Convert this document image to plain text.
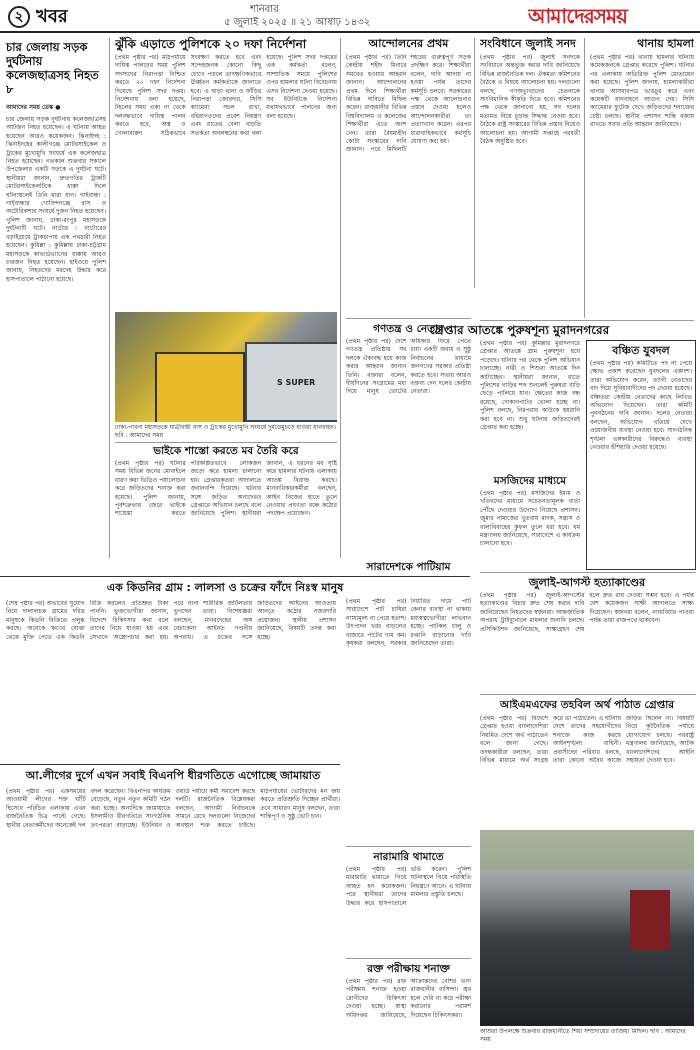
২ খবর	শনিবার
৫ জুলাই ২০২৫ ॥ ২১ আষাঢ় ১৪৩২	আমাদেরসময়
চার জেলায় সড়ক দুর্ঘটনায় কলেজছাত্রসহ নিহত ৮
আমাদের সময় ডেস্ক ●
চার জেলায় সড়ক দুর্ঘটনায় কলেজছাত্রসহ আটজন নিহত হয়েছেন। এ ঘটনায় আহত হয়েছেন আরও কয়েকজন। ঝিনাইদহ : ঝিনাইদহের কালীগঞ্জে মোটরসাইকেল ও ট্রাকের মুখোমুখি সংঘর্ষে এক কলেজছাত্র নিহত হয়েছেন। গতকাল শুক্রবার সকালে উপজেলার একটি সড়কে এ দুর্ঘটনা ঘটে। স্থানীয়রা জানান, দ্রুতগতির ট্রাকটি মোটরসাইকেলটিকে ধাক্কা দিলে ঘটনাস্থলেই তিনি মারা যান। গাইবান্ধা : গাইবান্ধার গোবিন্দগঞ্জে বাস ও অটোরিকশার সংঘর্ষে দুজন নিহত হয়েছেন। পুলিশ জানায়, ঢাকা-রংপুর মহাসড়কে দুর্ঘটনাটি ঘটে। নাটোর : নাটোরের বড়াইগ্রামে ট্রাকচাপায় এক পথচারী নিহত হয়েছেন। কুমিল্লা : কুমিল্লায় ঢাকা-চট্টগ্রাম মহাসড়কে কাভার্ডভ্যানের ধাক্কায় আরও চারজন নিহত হয়েছেন। হাইওয়ে পুলিশ জানায়, নিহতদের মরদেহ উদ্ধার করে হাসপাতালে পাঠানো হয়েছে।
ঝুঁকি এড়াতে পুলিশকে ২০ দফা নির্দেশনা
(প্রথম পৃষ্ঠার পর) মাঠপর্যায়ে দায়িত্ব পালনের সময় পুলিশ সদস্যদের নিরাপত্তা নিশ্চিত করতে ২০ দফা নির্দেশনা দিয়েছে পুলিশ সদর দপ্তর। নির্দেশনায় বলা হয়েছে, টহলের সময় একা না থেকে দলবদ্ধভাবে দায়িত্ব পালন করতে হবে, অস্ত্র ও গোলাবারুদ সঠিকভাবে সংরক্ষণ করতে হবে এবং সন্দেহজনক কোনো কিছু চোখে পড়লে তাৎক্ষণিকভাবে ঊর্ধ্বতন কর্মকর্তাকে জানাতে হবে। এ ছাড়া থানা ও ফাঁড়ির নিরাপত্তা জোরদার, সিসি ক্যামেরা সচল রাখা, বহিরাগতদের প্রবেশ নিয়ন্ত্রণ এবং রাতের বেলা বাড়তি সতর্কতা অবলম্বনের কথা বলা হয়েছে। পুলিশ সদর দপ্তরের এক কর্মকর্তা বলেন, সাম্প্রতিক সময়ে পুলিশের ওপর হামলার ঘটনা বিবেচনায় এসব নির্দেশনা দেওয়া হয়েছে। সব ইউনিটকে নির্দেশনা যথাযথভাবে পালনের জন্য বলা হয়েছে।
S SUPER
ঢাকা-পাবনা মহাসড়কে যাত্রীবাহী বাস ও ট্রাকের মুখোমুখি সংঘর্ষে দুমড়েমুচড়ে যাওয়া যানবাহন। ছবি : আমাদের সময়
ভাইকে শাস্তো করতে মব তৈরি করে
(প্রথম পৃষ্ঠার পর) ঘটনার সময় বিভিন্ন জনের মোবাইলে ধারণ করা ভিডিও পর্যালোচনা করে জড়িতদের শনাক্ত করা হয়েছে। পুলিশ জানায়, পূর্বশত্রুতার জেরে ভাইকে শায়েস্তা করতে পরিকল্পিতভাবে লোকজন জড়ো করে হামলা চালানো হয়। গ্রেপ্তারকৃতরা আদালতে জবানবন্দি দিয়েছে। ঘটনার সঙ্গে জড়িত অন্যদেরও গ্রেপ্তারে অভিযান চলছে বলে জানিয়েছে পুলিশ। স্থানীয়রা জানান, এ ধরনের মব সৃষ্টি করে হামলার ঘটনায় এলাকায় আতঙ্ক বিরাজ করছে। মানবাধিকারকর্মীরা বলছেন, আইন নিজের হাতে তুলে নেওয়ার প্রবণতা বন্ধে কঠোর পদক্ষেপ প্রয়োজন।
আন্দোলনের প্রথম
(প্রথম পৃষ্ঠার পর) তিনি কেন্দ্রীয় শহীদ মিনারে সমবেত হওয়ার আহ্বান জানান। আন্দোলনের প্রথম দিনে শিক্ষার্থীরা বিভিন্ন দাবিতে মিছিল করেন। রাজধানীর বিভিন্ন বিশ্ববিদ্যালয় ও কলেজের শিক্ষার্থীরা এতে অংশ নেন। তারা বৈষম্যহীন কোটা সংস্কারের দাবি জানান। পরে মিছিলটি শহরের গুরুত্বপূর্ণ সড়ক প্রদক্ষিণ করে। শিক্ষার্থীরা বলেন, দাবি আদায় না হওয়া পর্যন্ত তাদের কর্মসূচি চলবে। সরকারের পক্ষ থেকে আলোচনার প্রস্তাব দেওয়া হলেও আন্দোলনকারীরা তা প্রত্যাখ্যান করেন। এরপর ধারাবাহিকভাবে কর্মসূচি ঘোষণা করা হয়।
গণতন্ত্র ও নেতার
(প্রথম পৃষ্ঠার পর) দেশে গণতন্ত্র প্রতিষ্ঠায় সব দলকে ঐক্যবদ্ধ হয়ে কাজ করার আহ্বান জানান তিনি। বক্তারা বলেন, দীর্ঘদিনের সংগ্রামের মধ্য দিয়ে মানুষ ভোটের অধিকার ফিরে পেতে চায়। একটি অবাধ ও সুষ্ঠু নির্বাচনের মাধ্যমে জনগণের সরকার প্রতিষ্ঠা করতে হবে। সভায় আরও বক্তব্য দেন দলের কেন্দ্রীয় নেতারা।
সংবিধানে জুলাই সনদ
(প্রথম পৃষ্ঠার পর) জুলাই সনদকে সংবিধানে অন্তর্ভুক্ত করার দাবি জানিয়েছে বিভিন্ন রাজনৈতিক দল। ঐকমত্য কমিশনের বৈঠকে এ বিষয়ে আলোচনা হয়। দলগুলো বলছে, গণঅভ্যুত্থানের চেতনাকে সাংবিধানিক স্বীকৃতি দিতে হবে। কমিশনের পক্ষ থেকে জানানো হয়, সব দলের মতামত নিয়ে চূড়ান্ত সিদ্ধান্ত নেওয়া হবে। বৈঠকে রাষ্ট্র সংস্কারের বিভিন্ন প্রস্তাব নিয়েও আলোচনা হয়। আগামী সপ্তাহে পরবর্তী বৈঠক অনুষ্ঠিত হবে।
থানায় হামলা
(প্রথম পৃষ্ঠার পর) থানায় হামলার ঘটনায় কয়েকজনকে গ্রেপ্তার করেছে পুলিশ। ঘটনার পর এলাকায় অতিরিক্ত পুলিশ মোতায়েন করা হয়েছে। পুলিশ জানায়, হামলাকারীরা থানার আসবাবপত্র ভাঙচুর করে এবং কয়েকটি যানবাহনে আগুন দেয়। সিসি ক্যামেরার ফুটেজ দেখে জড়িতদের শনাক্তের চেষ্টা চলছে। স্থানীয় প্রশাসন শান্তি বজায় রাখতে সবার প্রতি আহ্বান জানিয়েছে।
গ্রেপ্তার আতঙ্কে পুরুষশূন্য মুরাদনগরের
(প্রথম পৃষ্ঠার পর) কুমিল্লার মুরাদনগরে গ্রেপ্তার আতঙ্কে গ্রাম পুরুষশূন্য হয়ে পড়েছে। ঘটনার পর থেকে পুলিশ অভিযান চালাচ্ছে। নারী ও শিশুরা আতঙ্কে দিন কাটাচ্ছেন। স্থানীয়রা জানান, রাতে পুলিশের গাড়ির শব্দ শুনলেই পুরুষরা বাড়ি ছেড়ে পালিয়ে যান। ক্ষেতের কাজ বন্ধ রয়েছে, দোকানপাটও খোলা হচ্ছে না। পুলিশ বলছে, নিরপরাধ কাউকে হয়রানি করা হবে না। শুধু ঘটনায় জড়িতদেরই গ্রেপ্তার করা হচ্ছে।
বঞ্চিত যুবদল
(প্রথম পৃষ্ঠার পর) কমিটিতে পদ না পেয়ে ক্ষোভ প্রকাশ করেছেন যুবদলের একাংশ। তারা অভিযোগ করেন, ত্যাগী নেতাদের বাদ দিয়ে সুবিধাবাদীদের পদ দেওয়া হয়েছে। বঞ্চিতরা কেন্দ্রীয় নেতাদের কাছে লিখিত অভিযোগ দিয়েছেন। তারা কমিটি পুনর্গঠনের দাবি জানান। দলের নেতারা বলছেন, অভিযোগ খতিয়ে দেখে প্রয়োজনীয় ব্যবস্থা নেওয়া হবে। সাংগঠনিক শৃঙ্খলা ভঙ্গকারীদের বিরুদ্ধেও ব্যবস্থা নেওয়ার হুঁশিয়ারি দেওয়া হয়েছে।
মসজিদের মাধ্যমে
(প্রথম পৃষ্ঠার পর) মসজিদের ইমাম ও খতিবদের মাধ্যমে সচেতনতামূলক বার্তা পৌঁছে দেওয়ার উদ্যোগ নিয়েছে প্রশাসন। জুমার নামাজের খুতবায় মাদক, সন্ত্রাস ও বাল্যবিবাহের কুফল তুলে ধরা হবে। ধর্ম মন্ত্রণালয় জানিয়েছে, সারাদেশে এ কার্যক্রম চালানো হবে।
এক কিডনির গ্রাম : লালসা ও চক্রের ফাঁদে নিঃস্ব মানুষ
(শেষ পৃষ্ঠার পর) অভাবের সুযোগ নিয়ে দালালচক্র গ্রামের দরিদ্র মানুষকে কিডনি বিক্রিতে প্রলুব্ধ করছে। অনেকে ঋণের বোঝা থেকে মুক্তি পেতে এক কিডনি বিক্রি করলেও প্রতিশ্রুত টাকা পাননি। ভুক্তভোগীরা জানান, বিদেশে চিকিৎসার কথা বলে তাদের নিয়ে যাওয়া হয় এবং সেখানে অস্ত্রোপচার করা হয়। পরে নানা শারীরিক জটিলতায় ভুগছেন তারা। বিশেষজ্ঞরা বলছেন, মানবদেহের অঙ্গ বেচাকেনা আইনত দণ্ডনীয় অপরাধ। এ চক্রের সঙ্গে জড়িতদের আইনের আওতায় আনতে কঠোর নজরদারি প্রয়োজন। স্থানীয় প্রশাসন জানিয়েছে, বিষয়টি তদন্ত করা হচ্ছে।
সারাদেশকে পাটিয়াম
(প্রথম পৃষ্ঠার পর) সারাদেশে পাট চাষিরা ন্যায্যমূল্য না পেয়ে হতাশ। উৎপাদন খরচ বাড়লেও বাজারে পাটের দাম কম। কৃষকরা বলছেন, সরকার নির্ধারিত দামে পাট কেনার ব্যবস্থা না থাকায় মধ্যস্বত্বভোগীরা লাভবান হচ্ছে। পাটকল চালু ও রপ্তানি বাড়ানোর দাবি জানিয়েছেন তারা।
জুলাই-আগস্ট হত্যাকাণ্ডের
(প্রথম পৃষ্ঠার পর) জুলাই-আগস্টের হত্যাকাণ্ডের বিচার দ্রুত শেষ করার দাবি জানিয়েছেন নিহতদের স্বজনরা। আন্তর্জাতিক অপরাধ ট্রাইব্যুনালে মামলার শুনানি চলছে। প্রসিকিউশন জানিয়েছে, সাক্ষ্যগ্রহণ শেষ হলে দ্রুত রায় দেওয়া সম্ভব হবে। এ পর্যন্ত বেশ কয়েকজন সাক্ষী আদালতে সাক্ষ্য দিয়েছেন। স্বজনরা বলেন, ন্যায়বিচার পাওয়া পর্যন্ত তারা রাজপথে থাকবেন।
আইএমএফের তহবিল অর্থ পাঠাত গ্রেপ্তার
(প্রথম পৃষ্ঠার পর) বিদেশে গ্রেপ্তার হওয়া বাংলাদেশিরা নিয়মিত দেশে অর্থ পাঠাতেন বলে জানা গেছে। তদন্তকারীরা বলছেন, তারা বিভিন্ন মাধ্যমে অর্থ সংগ্রহ করে তা পাঠাতেন। এ ঘটনায় দেশে তাদের সহযোগীদের শনাক্তে কাজ করছে আইনশৃঙ্খলা বাহিনী। প্রবাসীদের পরিবার বলছে, তারা কোনো অবৈধ কাজে জড়িত ছিলেন না। বিষয়টি নিয়ে কূটনৈতিক পর্যায়ে যোগাযোগ চলছে। পররাষ্ট্র মন্ত্রণালয় জানিয়েছে, আটক বাংলাদেশিদের আইনি সহায়তা দেওয়া হবে।
আ.লীগের দুর্গে এখন সবাই বিএনপি ধীরগতিতে এগোচ্ছে জামায়াত
(প্রথম পৃষ্ঠার পর) একসময়ের আওয়ামী লীগের শক্ত ঘাঁটি হিসেবে পরিচিত এলাকায় এখন রাজনৈতিক চিত্র পাল্টে গেছে। স্থানীয় নেতাকর্মীদের অনেকেই দল বদল করেছেন। বিএনপির কার্যক্রম বেড়েছে, নতুন নতুন কমিটি গঠন করা হচ্ছে। অন্যদিকে জামায়াতে ইসলামীও ধীরগতিতে সাংগঠনিক তৎপরতা বাড়াচ্ছে। ইউনিয়ন ও ওয়ার্ড পর্যায়ে কর্মী সমাবেশ করছে দলটি। রাজনৈতিক বিশ্লেষকরা বলছেন, আগামী নির্বাচনকে সামনে রেখে দলগুলো নিজেদের অবস্থান শক্ত করতে চাইছে। মাঠপর্যায়ের ভোটারদের মন জয় করতে প্রতিশ্রুতি দিচ্ছেন প্রার্থীরা। তবে সাধারণ মানুষ বলছেন, তারা শান্তিপূর্ণ ও সুষ্ঠু ভোট চান।
নারামারি থামাতে
(প্রথম পৃষ্ঠার পর) মারামারি থামাতে গিয়ে আহত হন কয়েকজন। পরে স্থানীয়রা তাদের উদ্ধার করে হাসপাতালে ভর্তি করেন। পুলিশ ঘটনাস্থলে গিয়ে পরিস্থিতি নিয়ন্ত্রণে আনে। এ ঘটনায় মামলার প্রস্তুতি চলছে।
রক্ত পরীক্ষায় শনাক্ত
(প্রথম পৃষ্ঠার পর) রক্ত পরীক্ষায় শনাক্ত হওয়া রোগীদের চিকিৎসা দেওয়া হচ্ছে। স্বাস্থ্য অধিদপ্তর জানিয়েছে, আক্রান্তদের বেশির ভাগ রাজধানীর বাসিন্দা। জ্বর হলে দেরি না করে পরীক্ষা করানোর পরামর্শ দিয়েছেন চিকিৎসকরা।
আশুরা উপলক্ষে শুক্রবার রাজধানীতে শিয়া সম্প্রদায়ের তাজিয়া মিছিল। ছবি : আমাদের সময়
